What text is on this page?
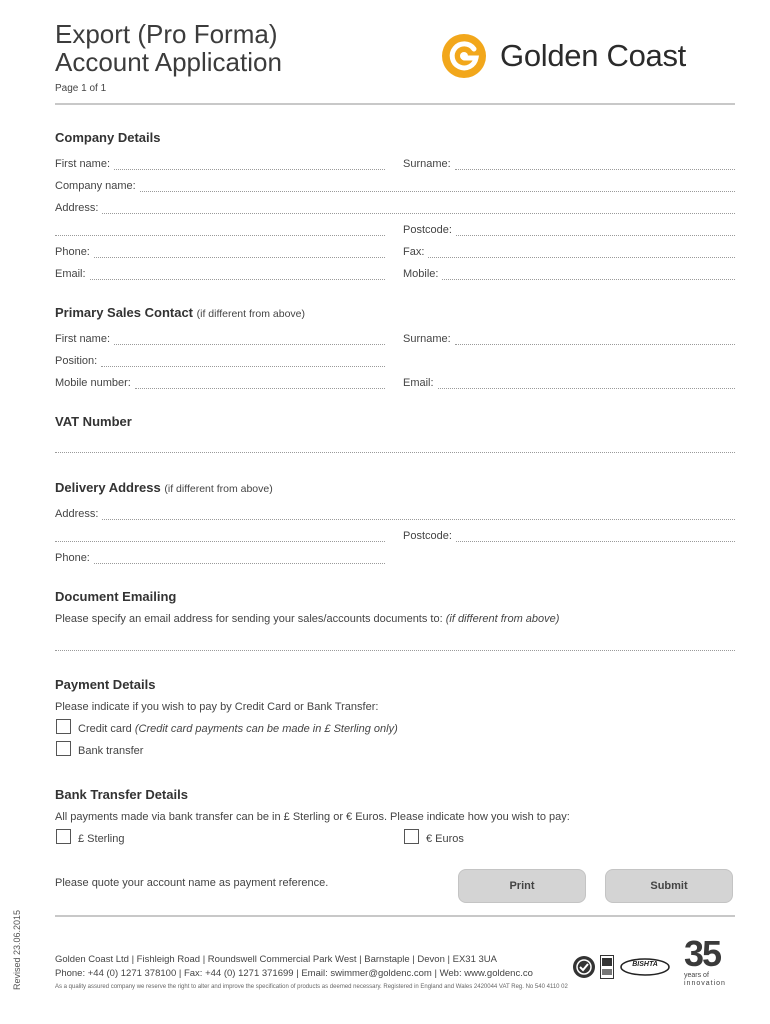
Export (Pro Forma)
Account Application
Page 1 of 1
Golden Coast
Company Details
First name:	Surname:
Company name:
Address:
Postcode:
Phone:	Fax:
Email:	Mobile:
Primary Sales Contact (if different from above)
First name:	Surname:
Position:
Mobile number:	Email:
VAT Number
Delivery Address (if different from above)
Address:
Postcode:
Phone:
Document Emailing
Please specify an email address for sending your sales/accounts documents to: (if different from above)
Payment Details
Please indicate if you wish to pay by Credit Card or Bank Transfer:
Credit card (Credit card payments can be made in £ Sterling only)
Bank transfer
Bank Transfer Details
All payments made via bank transfer can be in £ Sterling or € Euros. Please indicate how you wish to pay:
£ Sterling	€ Euros
Please quote your account name as payment reference.	Print	Submit
Revised 23.06.2015	Golden Coast Ltd | Fishleigh Road | Roundswell Commercial Park West | Barnstaple | Devon | EX31 3UA
Phone: +44 (0) 1271 378100 | Fax: +44 (0) 1271 371699 | Email: swimmer@goldenc.com | Web: www.goldenc.co
As a quality assured company we reserve the right to alter and improve the specification of products as deemed necessary. Registered in England and Wales 2420044 VAT Reg. No 540 4110 02
BISHTA 35
years of
innovation
